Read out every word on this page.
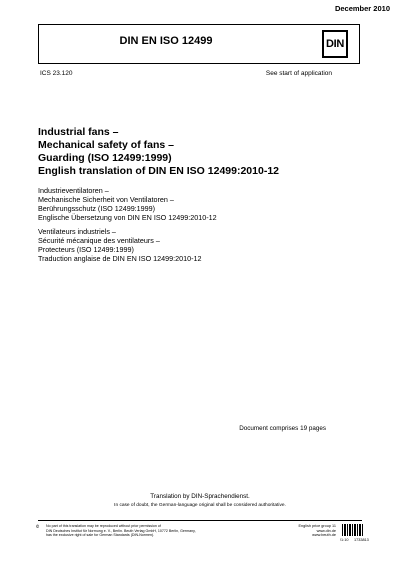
December 2010
DIN EN ISO 12499	DIN
ICS 23.120	See start of application
Industrial fans –
Mechanical safety of fans –
Guarding (ISO 12499:1999)
English translation of DIN EN ISO 12499:2010-12
Industrieventilatoren –
Mechanische Sicherheit von Ventilatoren –
Berührungsschutz (ISO 12499:1999)
Englische Übersetzung von DIN EN ISO 12499:2010-12
Ventilateurs industriels –
Sécurité mécanique des ventilateurs –
Protecteurs (ISO 12499:1999)
Traduction anglaise de DIN EN ISO 12499:2010-12
Document comprises 19 pages
Translation by DIN-Sprachendienst.
In case of doubt, the German-language original shall be considered authoritative.
© No part of this translation may be reproduced without prior permission of
DIN Deutsches Institut für Normung e. V., Berlin. Beuth Verlag GmbH, 10772 Berlin, Germany,
has the exclusive right of sale for German Standards (DIN-Normen).
English price group 11
www.din.de
www.beuth.de
!1:10 1733813
